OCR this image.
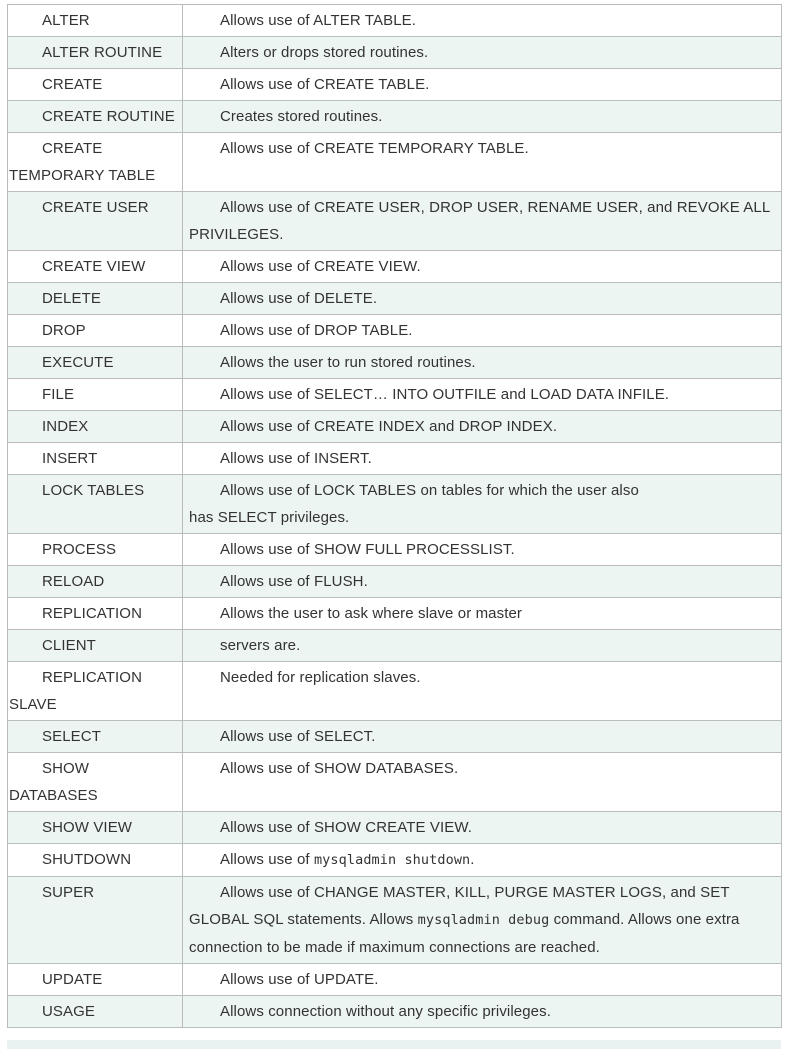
ALTER	Allows use of ALTER TABLE.

ALTER ROUTINE	Alters or drops stored routines.

CREATE	Allows use of CREATE TABLE.

CREATE ROUTINE	Creates stored routines.

CREATE
TEMPORARY TABLE	Allows use of CREATE TEMPORARY TABLE.

CREATE USER	Allows use of CREATE USER, DROP USER, RENAME USER, and REVOKE ALL
PRIVILEGES.

CREATE VIEW	Allows use of CREATE VIEW.

DELETE	Allows use of DELETE.

DROP	Allows use of DROP TABLE.

EXECUTE	Allows the user to run stored routines.

FILE	Allows use of SELECT… INTO OUTFILE and LOAD DATA INFILE.

INDEX	Allows use of CREATE INDEX and DROP INDEX.

INSERT	Allows use of INSERT.

LOCK TABLES	Allows use of LOCK TABLES on tables for which the user also
has SELECT privileges.

PROCESS	Allows use of SHOW FULL PROCESSLIST.

RELOAD	Allows use of FLUSH.

REPLICATION	Allows the user to ask where slave or master

CLIENT	servers are.

REPLICATION
SLAVE	Needed for replication slaves.

SELECT	Allows use of SELECT.

SHOW
DATABASES	Allows use of SHOW DATABASES.

SHOW VIEW	Allows use of SHOW CREATE VIEW.

SHUTDOWN	Allows use of mysqladmin shutdown.

SUPER	Allows use of CHANGE MASTER, KILL, PURGE MASTER LOGS, and SET
GLOBAL SQL statements. Allows mysqladmin debug command. Allows one extra
connection to be made if maximum connections are reached.

UPDATE	Allows use of UPDATE.

USAGE	Allows connection without any specific privileges.
